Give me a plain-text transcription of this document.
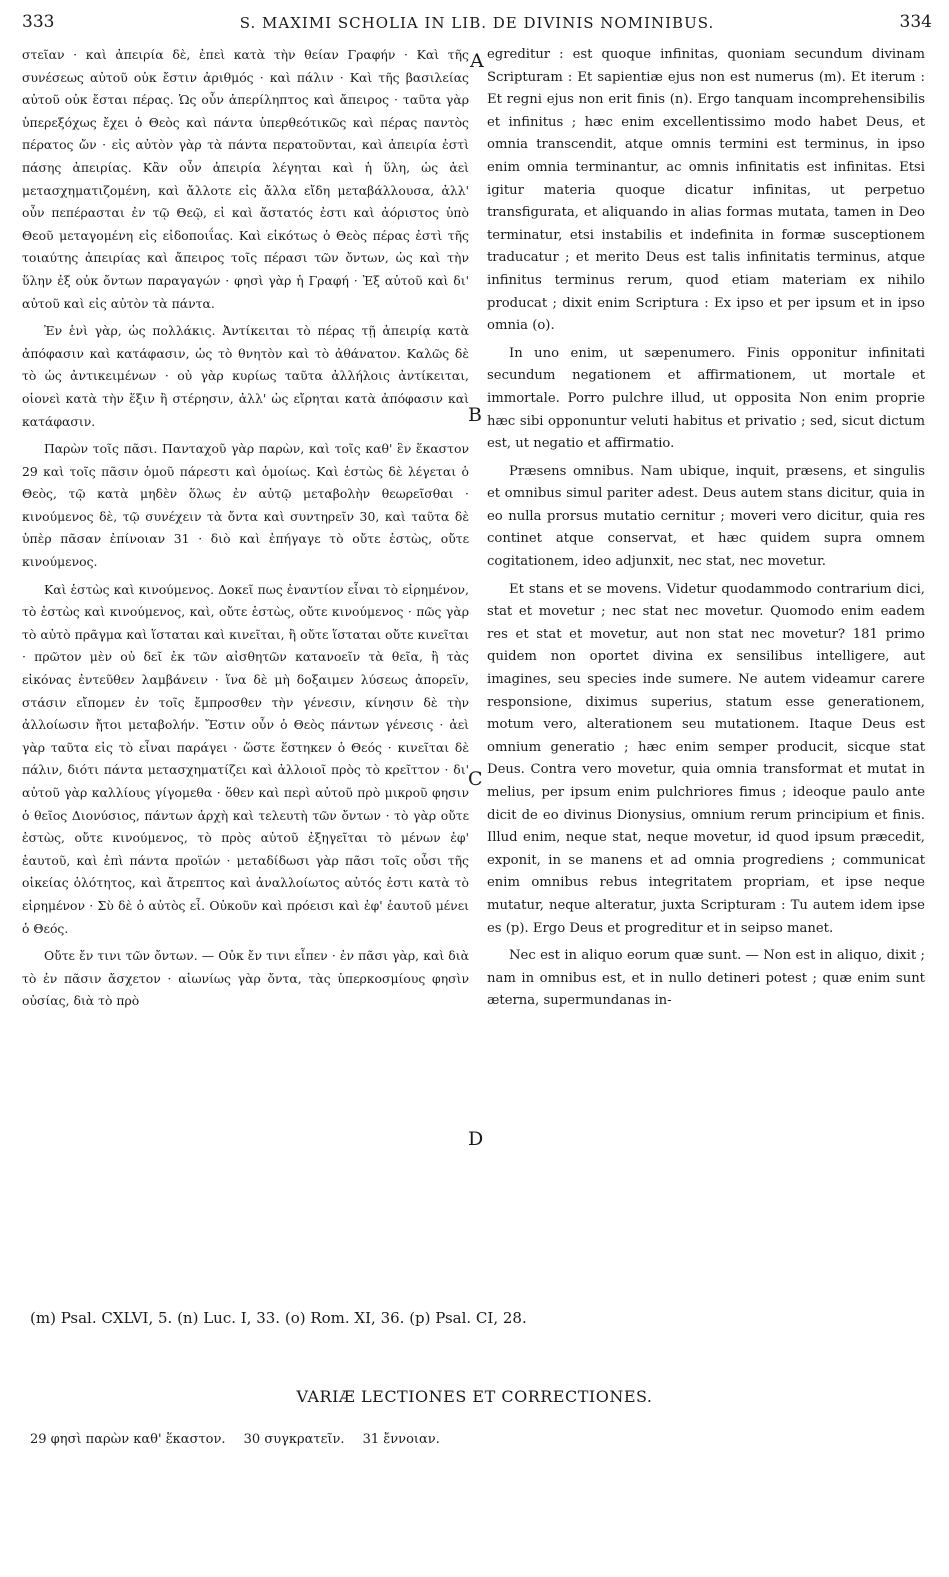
333	S. MAXIMI SCHOLIA IN LIB. DE DIVINIS NOMINIBUS.	334

στεῖαν · καὶ ἀπειρία δὲ, ἐπεὶ κατὰ τὴν θείαν Γραφήν · Καὶ τῆς συνέσεως αὐτοῦ οὐκ ἔστιν ἀριθμός · καὶ πάλιν · Καὶ τῆς βασιλείας αὐτοῦ οὐκ ἔσται πέρας. Ὡς οὖν ἀπερίληπτος καὶ ἄπειρος · ταῦτα γὰρ ὑπερεξόχως ἔχει ὁ Θεὸς καὶ πάντα ὑπερθεότικῶς καὶ πέρας παντὸς πέρατος ὤν · εἰς αὐτὸν γὰρ τὰ πάντα περατοῦνται, καὶ ἀπειρία ἐστὶ πάσης ἀπειρίας. Κἂν οὖν ἀπειρία λέγηται καὶ ἡ ὕλη, ὡς ἀεὶ μετασχηματιζομένη, καὶ ἄλλοτε εἰς ἄλλα εἴδη μεταβάλλουσα, ἀλλ' οὖν πεπέρασται ἐν τῷ Θεῷ, εἰ καὶ ἄστατός ἐστι καὶ ἀόριστος ὑπὸ Θεοῦ μεταγομένη εἰς εἰδοποιΐας. Καὶ εἰκότως ὁ Θεὸς πέρας ἐστὶ τῆς τοιαύτης ἀπειρίας καὶ ἄπειρος τοῖς πέρασι τῶν ὄντων, ὡς καὶ τὴν ὕλην ἐξ οὐκ ὄντων παραγαγών · φησὶ γὰρ ἡ Γραφή · Ἐξ αὐτοῦ καὶ δι' αὐτοῦ καὶ εἰς αὐτὸν τὰ πάντα.

Ἐν ἑνὶ γὰρ, ὡς πολλάκις. Ἀντίκειται τὸ πέρας τῇ ἀπειρίᾳ κατὰ ἀπόφασιν καὶ κατάφασιν, ὡς τὸ θνητὸν καὶ τὸ ἀθάνατον. Καλῶς δὲ τὸ ὡς ἀντικειμένων · οὐ γὰρ κυρίως ταῦτα ἀλλήλοις ἀντίκειται, οἱονεὶ κατὰ τὴν ἕξιν ἢ στέρησιν, ἀλλ' ὡς εἴρηται κατὰ ἀπόφασιν καὶ κατάφασιν.

Παρὼν τοῖς πᾶσι. Πανταχοῦ γὰρ παρὼν, καὶ τοῖς καθ' ἓν ἕκαστον 29 καὶ τοῖς πᾶσιν ὁμοῦ πάρεστι καὶ ὁμοίως. Καὶ ἑστὼς δὲ λέγεται ὁ Θεὸς, τῷ κατὰ μηδὲν ὅλως ἐν αὐτῷ μεταβολὴν θεωρεῖσθαι · κινούμενος δὲ, τῷ συνέχειν τὰ ὄντα καὶ συντηρεῖν 30, καὶ ταῦτα δὲ ὑπὲρ πᾶσαν ἐπίνοιαν 31 · διὸ καὶ ἐπήγαγε τὸ οὔτε ἑστὼς, οὔτε κινούμενος.

Καὶ ἑστὼς καὶ κινούμενος. Δοκεῖ πως ἐναντίον εἶναι τὸ εἰρημένον, τὸ ἑστὼς καὶ κινούμενος, καὶ, οὔτε ἑστὼς, οὔτε κινούμενος · πῶς γὰρ τὸ αὐτὸ πρᾶγμα καὶ ἵσταται καὶ κινεῖται, ἢ οὔτε ἵσταται οὔτε κινεῖται · πρῶτον μὲν οὐ δεῖ ἐκ τῶν αἰσθητῶν κατανοεῖν τὰ θεῖα, ἢ τὰς εἰκόνας ἐντεῦθεν λαμβάνειν · ἵνα δὲ μὴ δοξαιμεν λύσεως ἀπορεῖν, στάσιν εἴπομεν ἐν τοῖς ἔμπροσθεν τὴν γένεσιν, κίνησιν δὲ τὴν ἀλλοίωσιν ἤτοι μεταβολήν. Ἔστιν οὖν ὁ Θεὸς πάντων γένεσις · ἀεὶ γὰρ ταῦτα εἰς τὸ εἶναι παράγει · ὥστε ἕστηκεν ὁ Θεός · κινεῖται δὲ πάλιν, διότι πάντα μετασχηματίζει καὶ ἀλλοιοῖ πρὸς τὸ κρεῖττον · δι' αὐτοῦ γὰρ καλλίους γίγομεθα · ὅθεν καὶ περὶ αὐτοῦ πρὸ μικροῦ φησιν ὁ θεῖος Διονύσιος, πάντων ἀρχὴ καὶ τελευτὴ τῶν ὄντων · τὸ γὰρ οὔτε ἑστὼς, οὔτε κινούμενος, τὸ πρὸς αὐτοῦ ἐξηγεῖται τὸ μένων ἐφ' ἑαυτοῦ, καὶ ἐπὶ πάντα προϊών · μεταδίδωσι γὰρ πᾶσι τοῖς οὖσι τῆς οἰκείας ὁλότητος, καὶ ἄτρεπτος καὶ ἀναλλοίωτος αὐτός ἐστι κατὰ τὸ εἰρημένον · Σὺ δὲ ὁ αὐτὸς εἶ. Οὐκοῦν καὶ πρόεισι καὶ ἐφ' ἑαυτοῦ μένει ὁ Θεός.

Οὔτε ἔν τινι τῶν ὄντων. — Οὐκ ἔν τινι εἶπεν · ἐν πᾶσι γὰρ, καὶ διὰ τὸ ἐν πᾶσιν ἄσχετον · αἰωνίως γὰρ ὄντα, τὰς ὑπερκοσμίους φησὶν οὐσίας, διὰ τὸ πρὸ

A
B
C
D

egreditur : est quoque infinitas, quoniam secundum divinam Scripturam : Et sapientiæ ejus non est numerus (m). Et iterum : Et regni ejus non erit finis (n). Ergo tanquam incomprehensibilis et infinitus ; hæc enim excellentissimo modo habet Deus, et omnia transcendit, atque omnis termini est terminus, in ipso enim omnia terminantur, ac omnis infinitatis est infinitas. Etsi igitur materia quoque dicatur infinitas, ut perpetuo transfigurata, et aliquando in alias formas mutata, tamen in Deo terminatur, etsi instabilis et indefinita in formæ susceptionem traducatur ; et merito Deus est talis infinitatis terminus, atque infinitus terminus rerum, quod etiam materiam ex nihilo producat ; dixit enim Scriptura : Ex ipso et per ipsum et in ipso omnia (o).

In uno enim, ut sæpenumero. Finis opponitur infinitati secundum negationem et affirmationem, ut mortale et immortale. Porro pulchre illud, ut opposita Non enim proprie hæc sibi opponuntur veluti habitus et privatio ; sed, sicut dictum est, ut negatio et affirmatio.

Præsens omnibus. Nam ubique, inquit, præsens, et singulis et omnibus simul pariter adest. Deus autem stans dicitur, quia in eo nulla prorsus mutatio cernitur ; moveri vero dicitur, quia res continet atque conservat, et hæc quidem supra omnem cogitationem, ideo adjunxit, nec stat, nec movetur.

Et stans et se movens. Videtur quodammodo contrarium dici, stat et movetur ; nec stat nec movetur. Quomodo enim eadem res et stat et movetur, aut non stat nec movetur? 181 primo quidem non oportet divina ex sensilibus intelligere, aut imagines, seu species inde sumere. Ne autem videamur carere responsione, diximus superius, statum esse generationem, motum vero, alterationem seu mutationem. Itaque Deus est omnium generatio ; hæc enim semper producit, sicque stat Deus. Contra vero movetur, quia omnia transformat et mutat in melius, per ipsum enim pulchriores fimus ; ideoque paulo ante dicit de eo divinus Dionysius, omnium rerum principium et finis. Illud enim, neque stat, neque movetur, id quod ipsum præcedit, exponit, in se manens et ad omnia progrediens ; communicat enim omnibus rebus integritatem propriam, et ipse neque mutatur, neque alteratur, juxta Scripturam : Tu autem idem ipse es (p). Ergo Deus et progreditur et in seipso manet.

Nec est in aliquo eorum quæ sunt. — Non est in aliquo, dixit ; nam in omnibus est, et in nullo detineri potest ; quæ enim sunt æterna, supermundanas in-

(m) Psal. CXLVI, 5. (n) Luc. I, 33. (o) Rom. XI, 36. (p) Psal. CI, 28.
VARIÆ LECTIONES ET CORRECTIONES.
29 φησὶ παρὼν καθ' ἕκαστον. 30 συγκρατεῖν. 31 ἔννοιαν.
